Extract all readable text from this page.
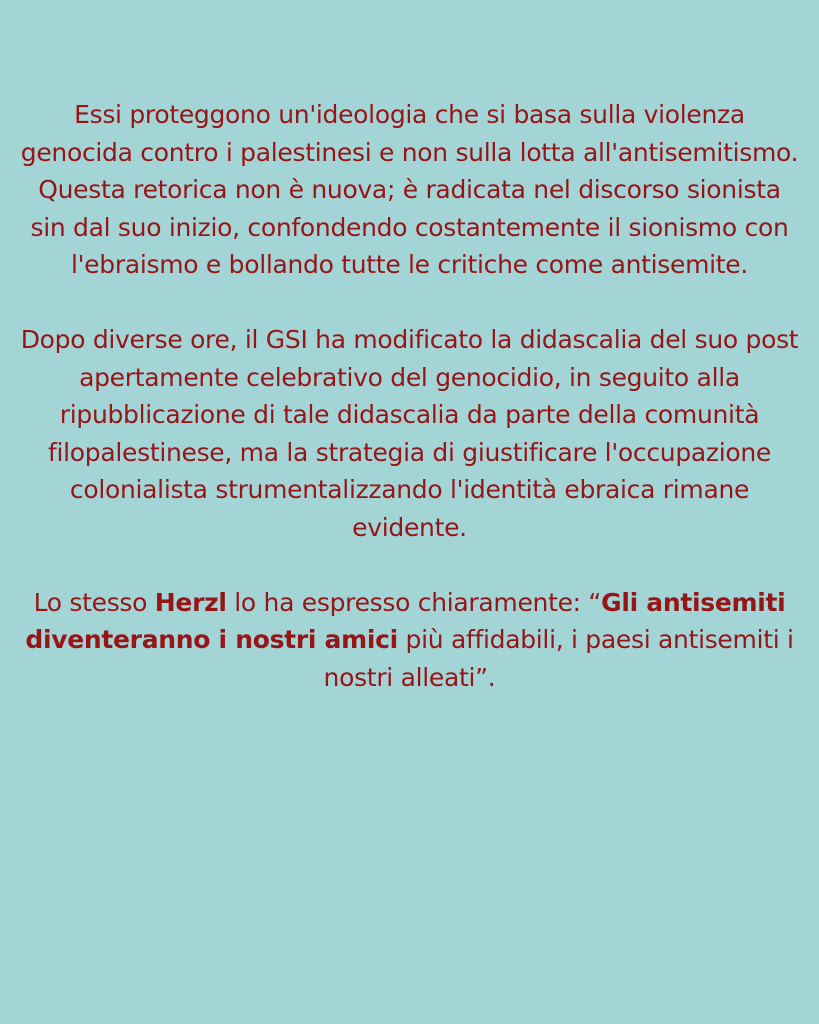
Essi proteggono un'ideologia che si basa sulla violenza genocida contro i palestinesi e non sulla lotta all'antisemitismo. Questa retorica non è nuova; è radicata nel discorso sionista sin dal suo inizio, confondendo costantemente il sionismo con l'ebraismo e bollando tutte le critiche come antisemite.

Dopo diverse ore, il GSI ha modificato la didascalia del suo post apertamente celebrativo del genocidio, in seguito alla ripubblicazione di tale didascalia da parte della comunità filopalestinese, ma la strategia di giustificare l'occupazione colonialista strumentalizzando l'identità ebraica rimane evidente.

Lo stesso Herzl lo ha espresso chiaramente: “Gli antisemiti diventeranno i nostri amici più affidabili, i paesi antisemiti i nostri alleati”.
